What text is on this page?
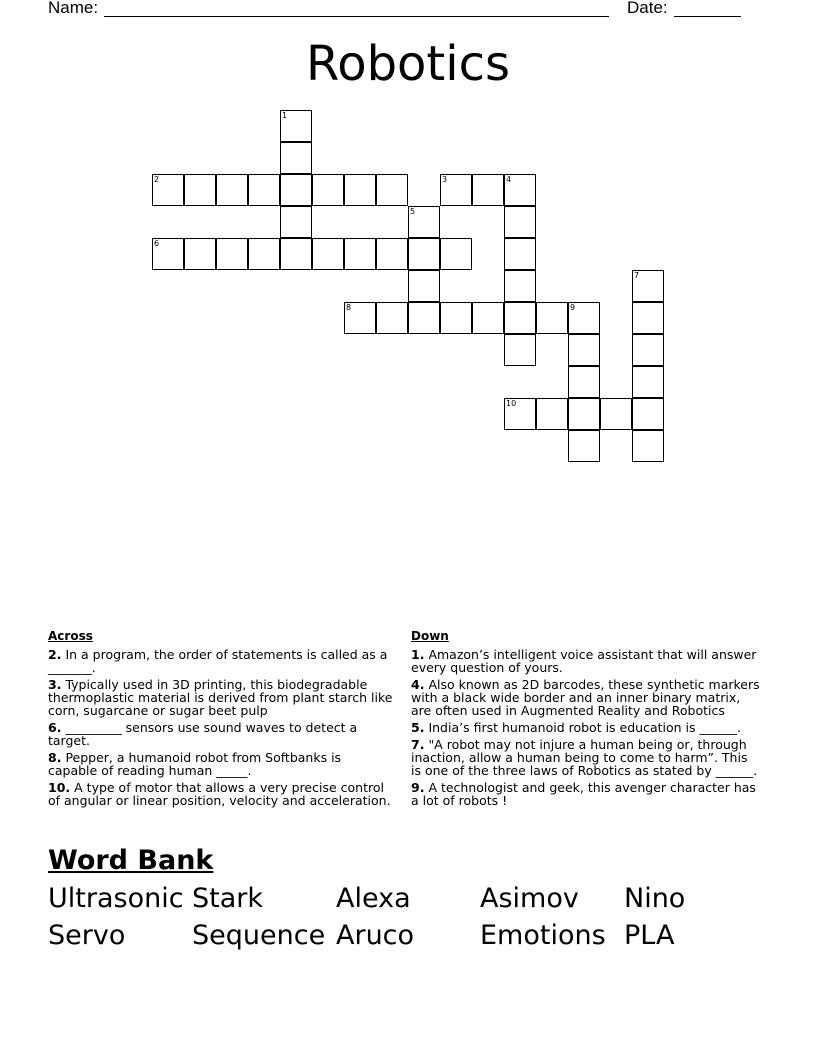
Name:	Date:
Robotics
1
2	3	4
5
6
7
8	9
10
Across
2. In a program, the order of statements is called as a _______.
3. Typically used in 3D printing, this biodegradable thermoplastic material is derived from plant starch like corn, sugarcane or sugar beet pulp
6. _________ sensors use sound waves to detect a target.
8. Pepper, a humanoid robot from Softbanks is capable of reading human _____.
10. A type of motor that allows a very precise control of angular or linear position, velocity and acceleration.
Down
1. Amazon’s intelligent voice assistant that will answer every question of yours.
4. Also known as 2D barcodes, these synthetic markers with a black wide border and an inner binary matrix, are often used in Augmented Reality and Robotics
5. India’s first humanoid robot is education is ______.
7. "A robot may not injure a human being or, through inaction, allow a human being to come to harm”. This is one of the three laws of Robotics as stated by ______.
9. A technologist and geek, this avenger character has a lot of robots !
Word Bank
Ultrasonic Stark	Alexa	Asimov Nino
Servo Sequence Aruco Emotions PLA
